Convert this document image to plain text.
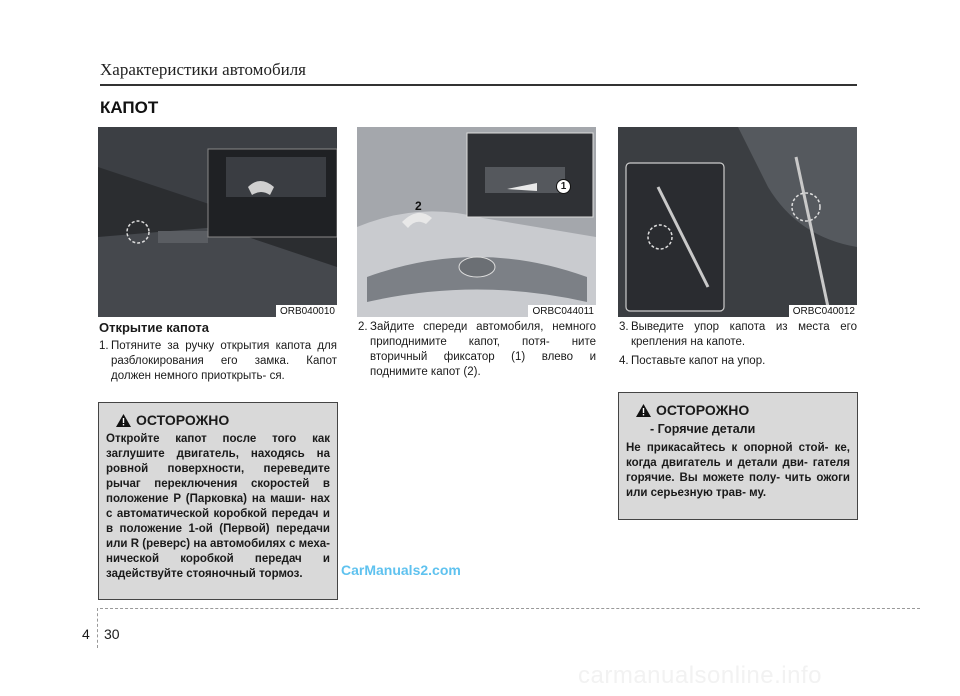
Характеристики автомобиля
КАПОТ
ORB040010
2
1
ORBC044011	ORBC040012
Открытие капота
1. Потяните за ручку открытия капота для разблокирования его замка. Капот должен немного приоткрыть- ся.
2. Зайдите спереди автомобиля, немного приподнимите капот, потя- ните вторичный фиксатор (1) влево и поднимите капот (2).
3. Выведите упор капота из места его крепления на капоте.
4. Поставьте капот на упор.
ОСТОРОЖНО
Откройте капот после того как заглушите двигатель, находясь на ровной поверхности, переведите рычаг переключения скоростей в положение P (Парковка) на маши- нах с автоматической коробкой передач и в положение 1-ой (Первой) передачи или R (реверс) на автомобилях с меха- нической коробкой передач и задействуйте стояночный тормоз.
ОСТОРОЖНО
- Горячие детали
Не прикасайтесь к опорной стой- ке, когда двигатель и детали дви- гателя горячие. Вы можете полу- чить ожоги или серьезную трав- му.
CarManuals2.com
4 30
carmanualsonline.info
